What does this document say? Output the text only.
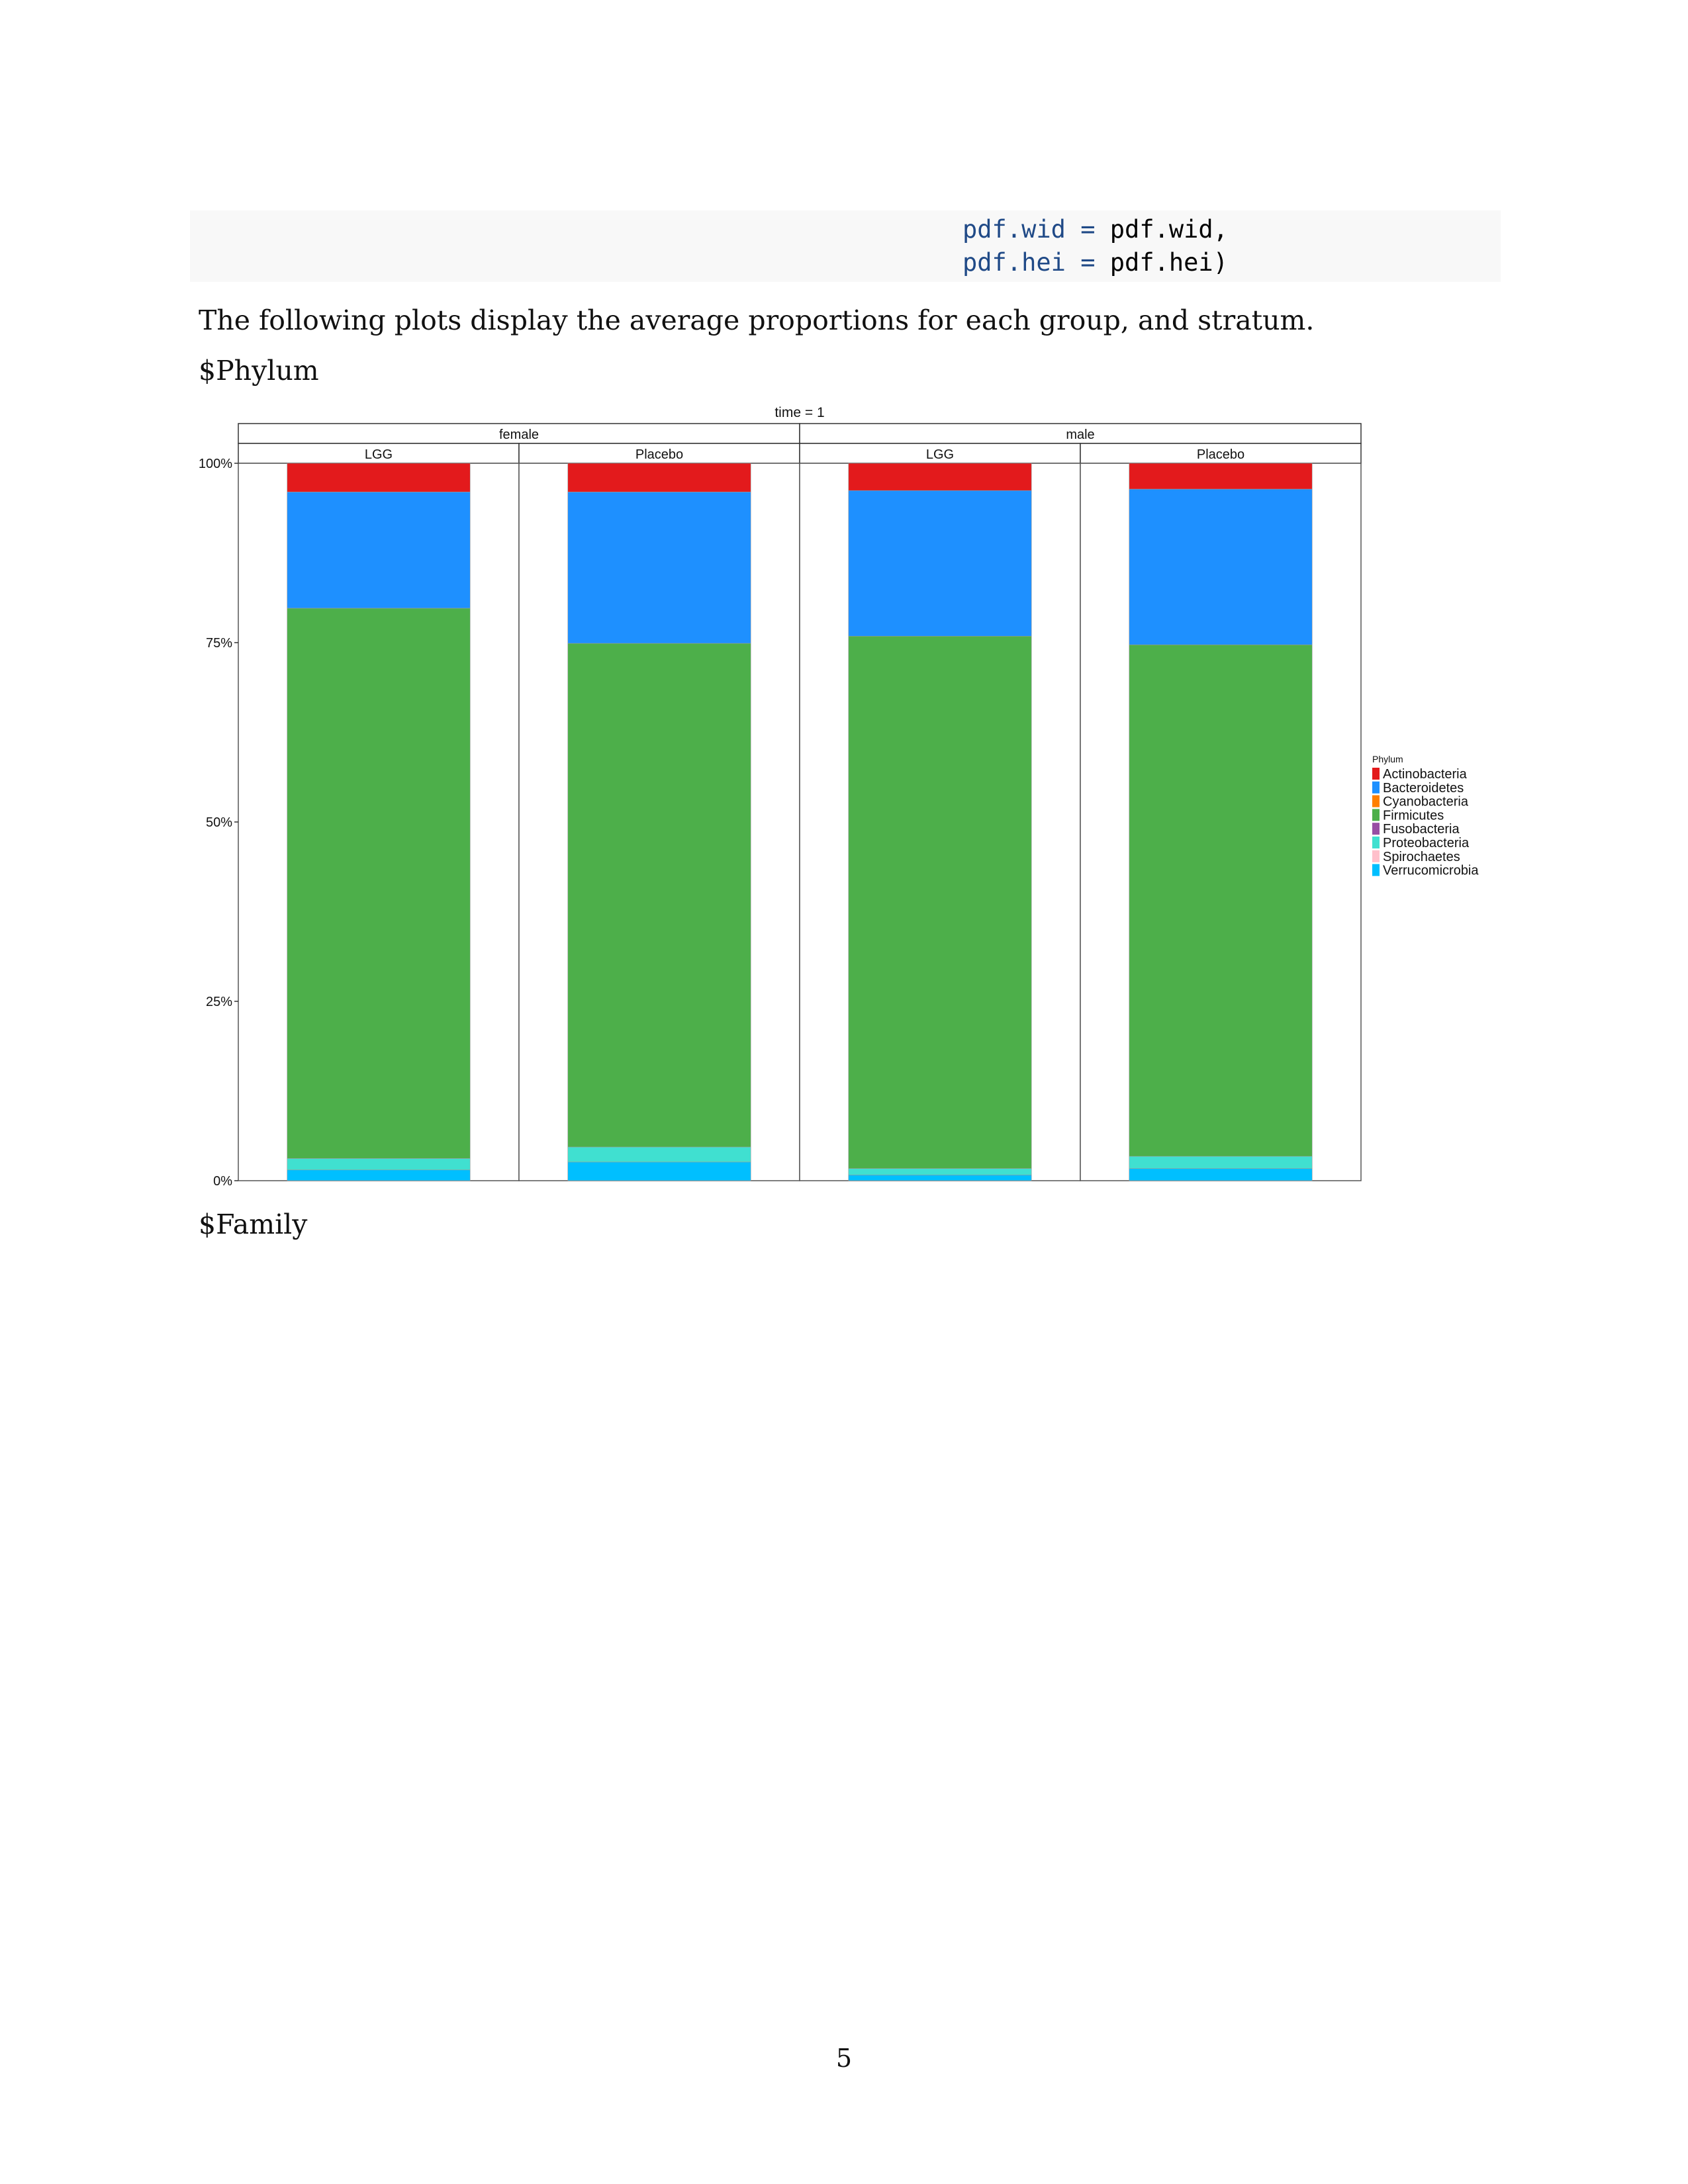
pdf.wid = pdf.wid,
pdf.hei = pdf.hei)
The following plots display the average proportions for each group, and stratum.
$Phylum
time = 1
female	male
LGG	Placebo	LGG	Placebo
0%
25%
50%
75%
100%
Phylum
Actinobacteria
Bacteroidetes
Cyanobacteria
Firmicutes
Fusobacteria
Proteobacteria
Spirochaetes
Verrucomicrobia
$Family
5
